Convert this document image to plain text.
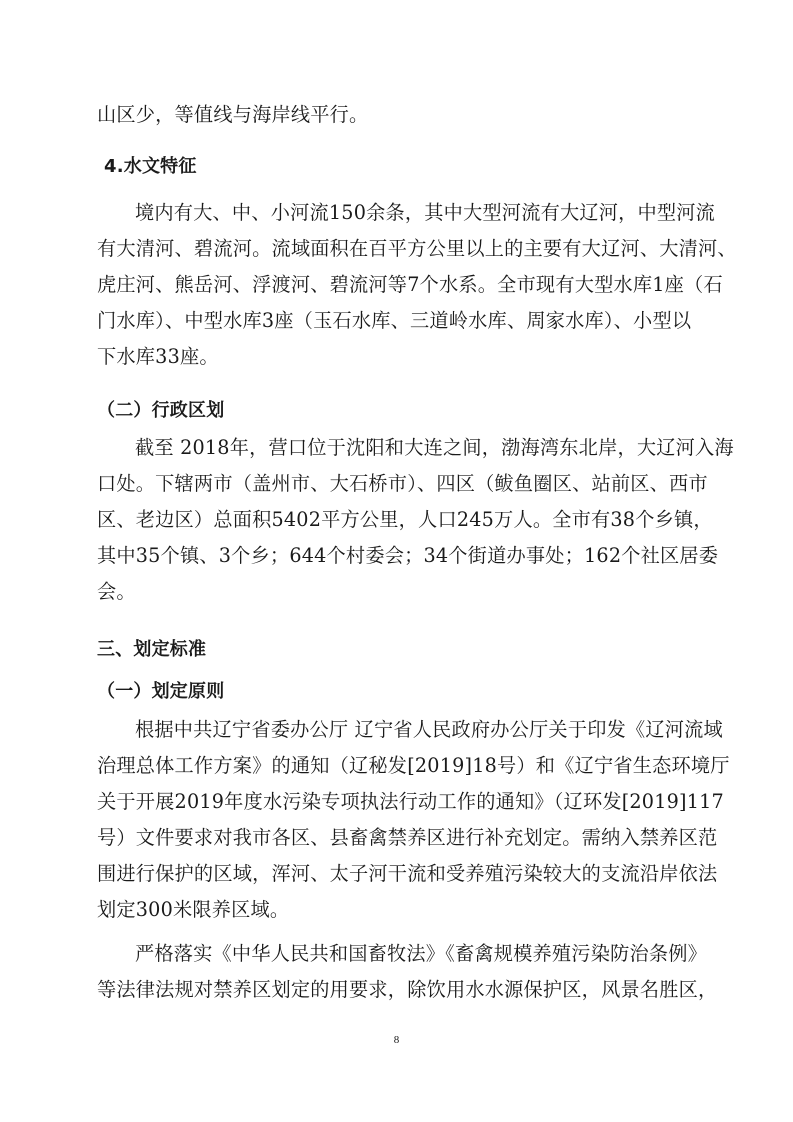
山区少，等值线与海岸线平行。
4.水文特征
境内有大、中、小河流150余条，其中大型河流有大辽河，中型河流
有大清河、碧流河。流域面积在百平方公里以上的主要有大辽河、大清河、
虎庄河、熊岳河、浮渡河、碧流河等7个水系。全市现有大型水库1座（石
门水库）、中型水库3座（玉石水库、三道岭水库、周家水库）、小型以
下水库33座。
（二）行政区划
截至 2018年，营口位于沈阳和大连之间，渤海湾东北岸，大辽河入海
口处。下辖两市（盖州市、大石桥市）、四区（鲅鱼圈区、站前区、西市
区、老边区）总面积5402平方公里，人口245万人。全市有38个乡镇，
其中35个镇、3个乡；644个村委会；34个街道办事处；162个社区居委
会。
三、划定标准
（一）划定原则
根据中共辽宁省委办公厅 辽宁省人民政府办公厅关于印发《辽河流域
治理总体工作方案》的通知（辽秘发[2019]18号）和《辽宁省生态环境厅
关于开展2019年度水污染专项执法行动工作的通知》（辽环发[2019]117
号）文件要求对我市各区、县畜禽禁养区进行补充划定。需纳入禁养区范
围进行保护的区域，浑河、太子河干流和受养殖污染较大的支流沿岸依法
划定300米限养区域。
严格落实《中华人民共和国畜牧法》《畜禽规模养殖污染防治条例》
等法律法规对禁养区划定的用要求，除饮用水水源保护区，风景名胜区，
8
